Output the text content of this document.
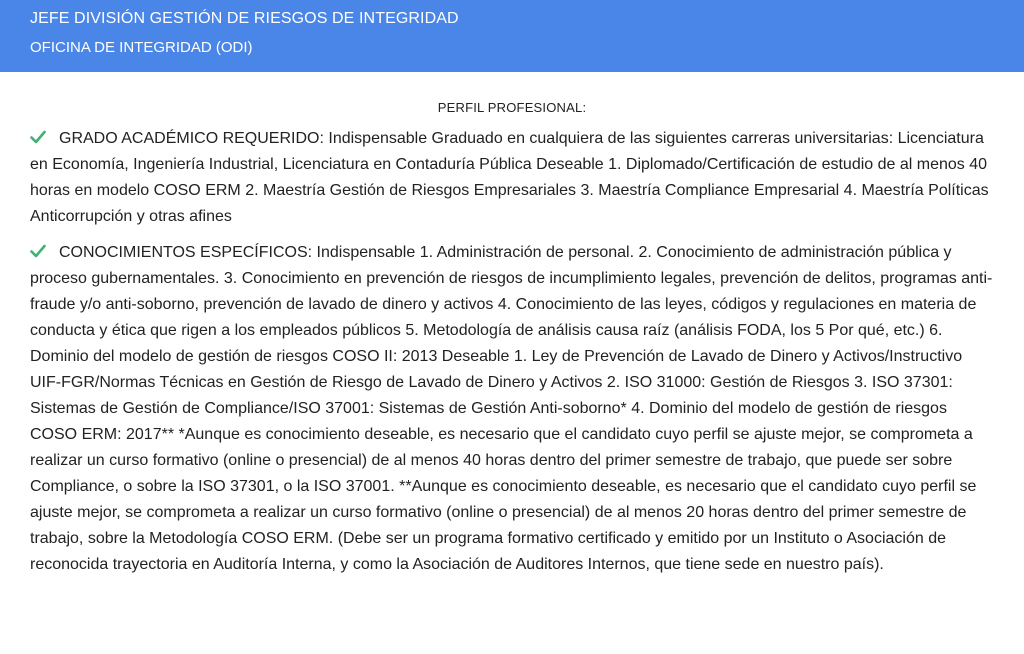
JEFE DIVISIÓN GESTIÓN DE RIESGOS DE INTEGRIDAD
OFICINA DE INTEGRIDAD (ODI)
PERFIL PROFESIONAL:
GRADO ACADÉMICO REQUERIDO: Indispensable Graduado en cualquiera de las siguientes carreras universitarias: Licenciatura en Economía, Ingeniería Industrial, Licenciatura en Contaduría Pública Deseable 1. Diplomado/Certificación de estudio de al menos 40 horas en modelo COSO ERM 2. Maestría Gestión de Riesgos Empresariales 3. Maestría Compliance Empresarial 4. Maestría Políticas Anticorrupción y otras afines
CONOCIMIENTOS ESPECÍFICOS: Indispensable 1. Administración de personal. 2. Conocimiento de administración pública y proceso gubernamentales. 3. Conocimiento en prevención de riesgos de incumplimiento legales, prevención de delitos, programas anti-fraude y/o anti-soborno, prevención de lavado de dinero y activos 4. Conocimiento de las leyes, códigos y regulaciones en materia de conducta y ética que rigen a los empleados públicos 5. Metodología de análisis causa raíz (análisis FODA, los 5 Por qué, etc.) 6. Dominio del modelo de gestión de riesgos COSO II: 2013 Deseable 1. Ley de Prevención de Lavado de Dinero y Activos/Instructivo UIF-FGR/Normas Técnicas en Gestión de Riesgo de Lavado de Dinero y Activos 2. ISO 31000: Gestión de Riesgos 3. ISO 37301: Sistemas de Gestión de Compliance/ISO 37001: Sistemas de Gestión Anti-soborno* 4. Dominio del modelo de gestión de riesgos COSO ERM: 2017** *Aunque es conocimiento deseable, es necesario que el candidato cuyo perfil se ajuste mejor, se comprometa a realizar un curso formativo (online o presencial) de al menos 40 horas dentro del primer semestre de trabajo, que puede ser sobre Compliance, o sobre la ISO 37301, o la ISO 37001. **Aunque es conocimiento deseable, es necesario que el candidato cuyo perfil se ajuste mejor, se comprometa a realizar un curso formativo (online o presencial) de al menos 20 horas dentro del primer semestre de trabajo, sobre la Metodología COSO ERM. (Debe ser un programa formativo certificado y emitido por un Instituto o Asociación de reconocida trayectoria en Auditoría Interna, y como la Asociación de Auditores Internos, que tiene sede en nuestro país).
